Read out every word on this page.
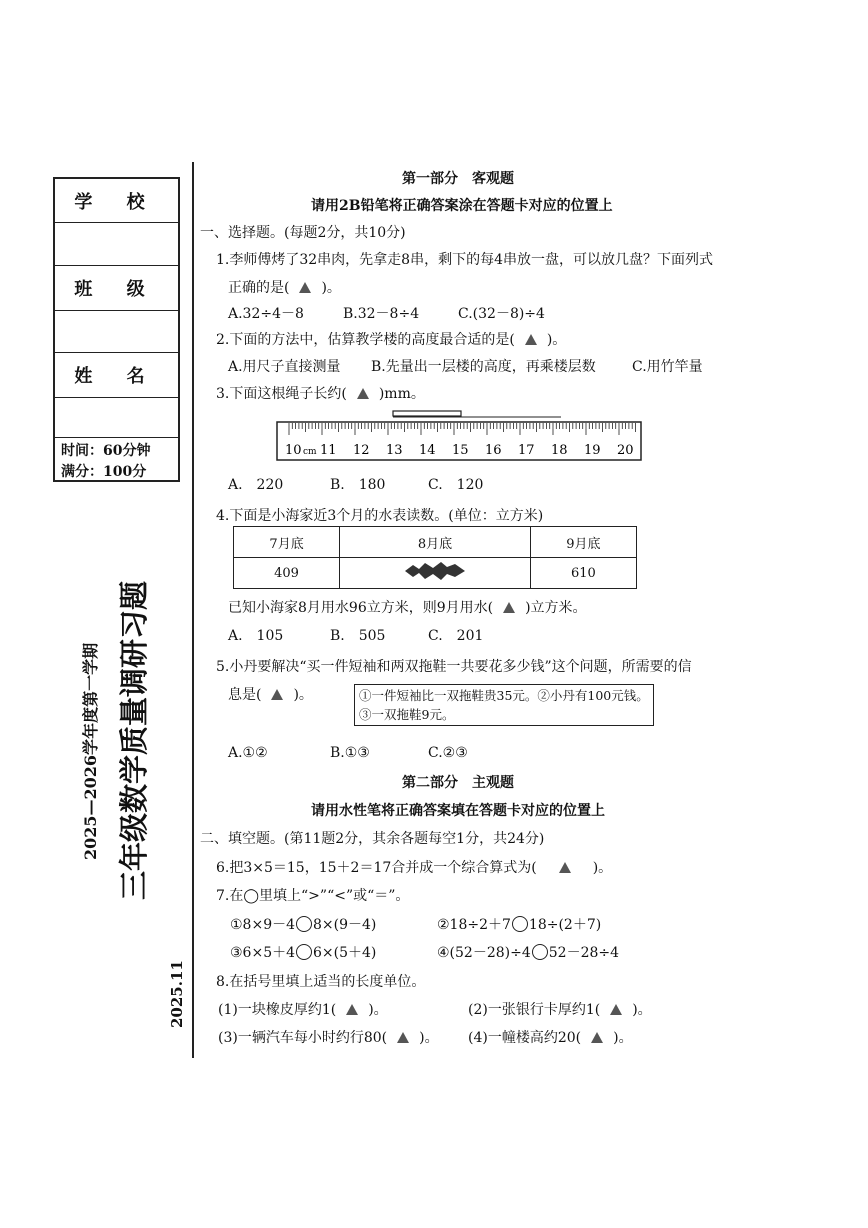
学 校
班 级
姓 名
时间：60分钟
满分：100分
2025—2026学年度第一学期 三年级数学质量调研习题
2025.11
第一部分　客观题
请用2B铅笔将正确答案涂在答题卡对应的位置上
一、选择题。(每题2分，共10分)
1.李师傅烤了32串肉，先拿走8串，剩下的每4串放一盘，可以放几盘？下面列式
正确的是( )。
A.32÷4－8	B.32－8÷4	C.(32－8)÷4
2.下面的方法中，估算教学楼的高度最合适的是( )。
A.用尺子直接测量 B.先量出一层楼的高度，再乘楼层数	C.用竹竿量
3.下面这根绳子长约( )mm。
10 cm 11 12 13 14 15 16 17 18 19 20
A.　220	B.　180	C.　120
4.下面是小海家近3个月的水表读数。(单位：立方米)
7月底	8月底	9月底
409		610
已知小海家8月用水96立方米，则9月用水( )立方米。
A.　105	B.　505	C.　201
5.小丹要解决“买一件短袖和两双拖鞋一共要花多少钱”这个问题，所需要的信
息是( )。	①一件短袖比一双拖鞋贵35元。②小丹有100元钱。
③一双拖鞋9元。
A.①②	B.①③	C.②③
第二部分　主观题
请用水性笔将正确答案填在答题卡对应的位置上
二、填空题。(第11题2分，其余各题每空1分，共24分)
6.把3×5＝15，15＋2＝17合并成一个综合算式为(	)。
7.在◯里填上“>”“<”或“＝”。
①8×9－4 8×(9－4)	②18÷2＋7 18÷(2＋7)
③6×5＋4 6×(5＋4)	④(52－28)÷4 52－28÷4
8.在括号里填上适当的长度单位。
(1)一块橡皮厚约1( )。	(2)一张银行卡厚约1( )。
(3)一辆汽车每小时约行80( )。 (4)一幢楼高约20( )。
